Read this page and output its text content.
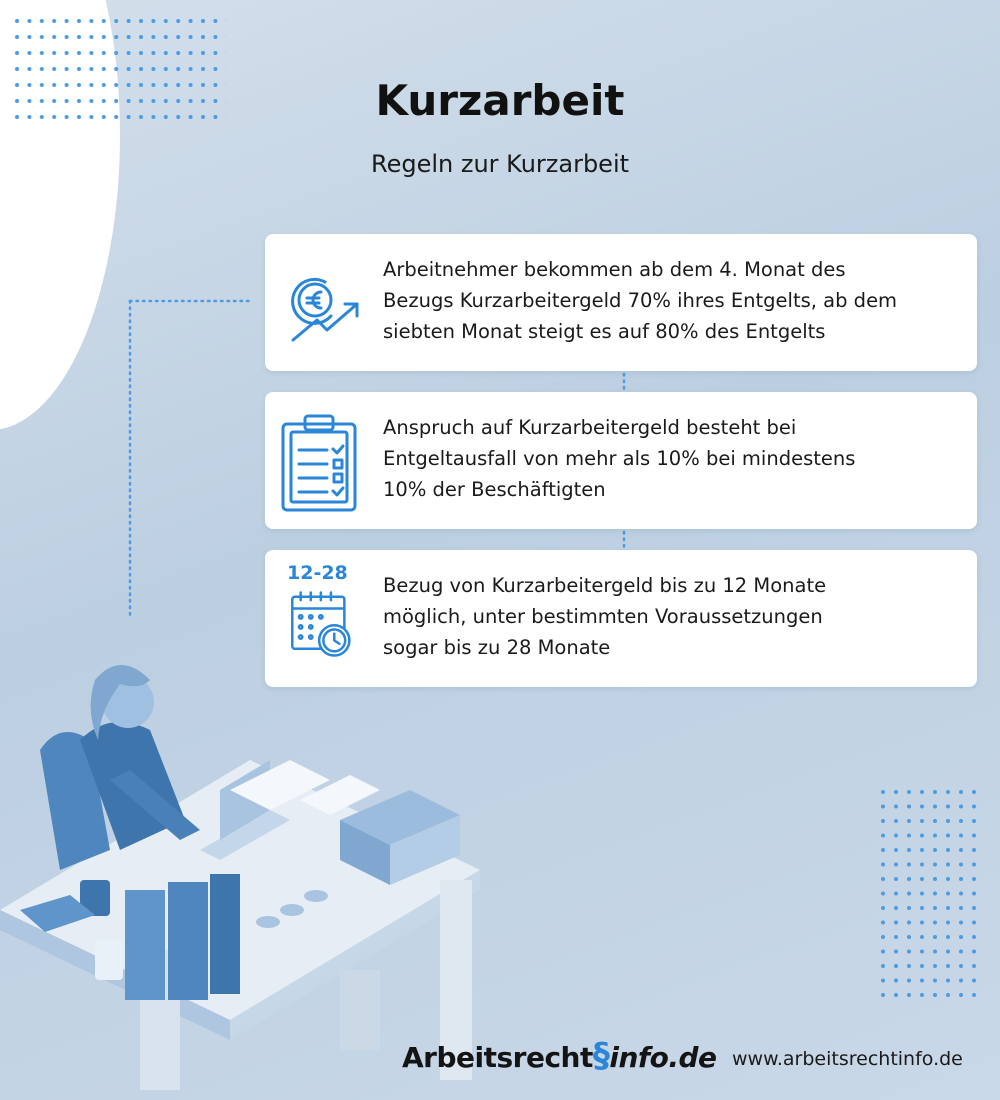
Kurzarbeit
Regeln zur Kurzarbeit
Arbeitnehmer bekommen ab dem 4. Monat des
Bezugs Kurzarbeitergeld 70% ihres Entgelts, ab dem
siebten Monat steigt es auf 80% des Entgelts
Anspruch auf Kurzarbeitergeld besteht bei
Entgeltausfall von mehr als 10% bei mindestens
10% der Beschäftigten
12-28
Bezug von Kurzarbeitergeld bis zu 12 Monate
möglich, unter bestimmten Voraussetzungen
sogar bis zu 28 Monate
Arbeitsrecht§info.de www.arbeitsrechtinfo.de
